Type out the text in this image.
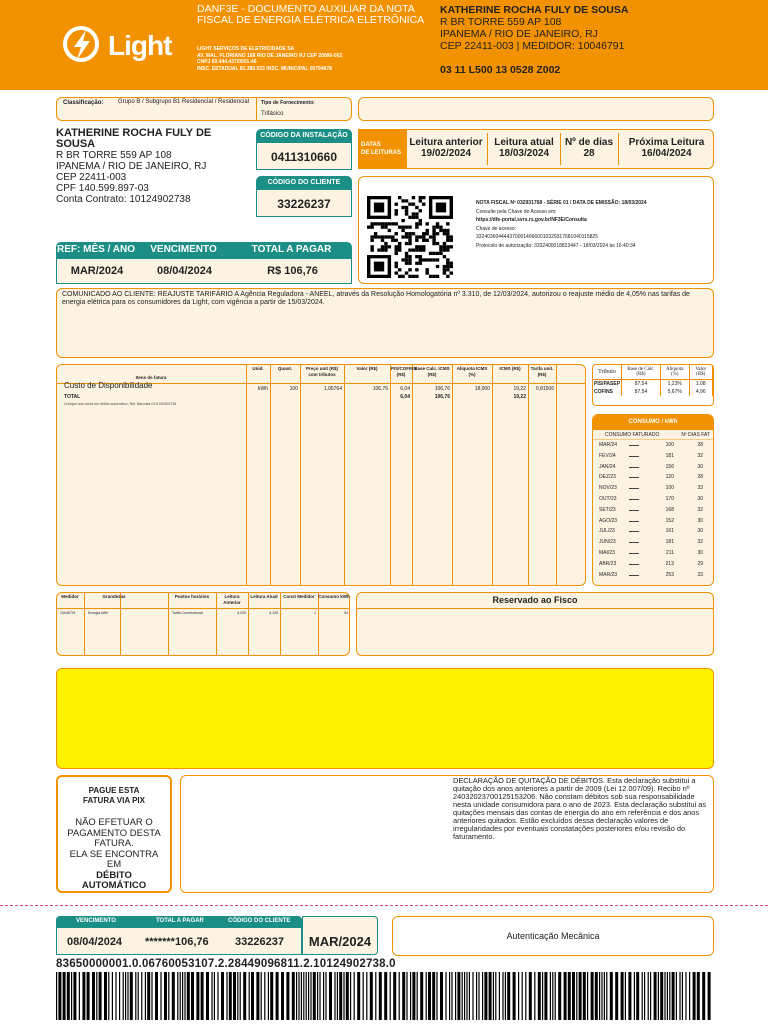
Light
DANF3E - DOCUMENTO AUXILIAR DA NOTA
FISCAL DE ENERGIA ELÉTRICA ELETRÔNICA
LIGHT SERVIÇOS DE ELETRICIDADE SA
AV. MAL. FLORIANO 168 RIO DE JANEIRO RJ CEP 20080-002
CNPJ 60.444.437/0001-46
INSC. ESTADUAL 81.380.023 INSC. MUNICIPAL 00794678
KATHERINE ROCHA FULY DE SOUSA
R BR TORRE 559 AP 108
IPANEMA / RIO DE JANEIRO, RJ
CEP 22411-003 | MEDIDOR: 10046791
03 11 L500 13 0528 Z002
Classificação: Grupo B / Subgrupo B1 Residencial / Residencial	Tipo de Fornecimento:
Trifásico
KATHERINE ROCHA FULY DE
SOUSA
R BR TORRE 559 AP 108
IPANEMA / RIO DE JANEIRO, RJ
CEP 22411-003
CPF 140.599.897-03
Conta Contrato: 10124902738
CÓDIGO DA INSTALAÇÃO
0411310660
CÓDIGO DO CLIENTE
33226237
DATAS
DE LEITURAS
Leitura anterior
19/02/2024
Leitura atual
18/03/2024
Nº de dias
28
Próxima Leitura
16/04/2024
NOTA FISCAL Nº 032931768 - SÉRIE 01 / DATA DE EMISSÃO: 18/03/2024
Consulte pela Chave de Acesso em:
https://dfe-portal.svrs.rs.gov.br/NF3E/Consulta
Chave de acesso:
33240360444437000146660010329317681040115825
Protocolo de autorização: 3332400018823447 - 18/03/2024 às 16:40:34
REF: MÊS / ANO	VENCIMENTO	TOTAL A PAGAR
MAR/2024	08/04/2024	R$ 106,76
COMUNICADO AO CLIENTE: REAJUSTE TARIFÁRIO A Agência Reguladora - ANEEL, através da Resolução Homologatória nº 3.310, de 12/03/2024, autorizou o reajuste médio de 4,05% nas tarifas de energia elétrica para os consumidores da Light, com vigência a partir de 15/03/2024.
Itens de fatura
Unid.	Quant.	Preço unit (R$) com tributos
Valor (R$)	PIS/COFINS (R$)
Base Calc. ICMS (R$)
Alíquota ICMS (%)
ICMS (R$)	Tarifa unit. (R$)
Custo de Disponibilidade	kWh	100	1,06764	106,76	6,04	106,76	18,000	19,22	0,81506
TOTAL	6,04	106,76	19,22
Conique aus conta em débito automático, Ref. Banciais Ot 8 024902738
Tributo	Base de Cálc. (R$)	Alíquota (%)	Valor (R$)
PIS/PASEP	87,54	1,23%	1,08
COFINS	87,54	5,67%	4,96
CONSUMO / kWh
CONSUMO FATURADO	Nº DIAS FAT
MAR/24	100	28
FEV/24	181	32
JAN/24	156	30
DEZ/23	120	28
NOV/23	100	33
OUT/23	170	30
SET/23	168	32
AGO/23	152	30
JUL/23	161	30
JUN/23	181	32
MAI/23	211	30
ABR/23	213	29
MAR/23	253	33
Medidor
10046791
Grandezas
Energia kWh
Postos horários
Tarifa Convencional
Leitura Anterior
5.029
Leitura Atual
5.129
Const Medidor
1
Consumo kWh
94
Reservado ao Fisco
PAGUE ESTA
FATURA VIA PIX
NÃO EFETUAR O
PAGAMENTO DESTA
FATURA.
ELA SE ENCONTRA
EM
DÉBITO
AUTOMÁTICO
DECLARAÇÃO DE QUITAÇÃO DE DÉBITOS. Esta declaração substitui a quitação dos anos anteriores a partir de 2009 (Lei 12.007/09). Recibo nº 240320237001251532​06. Não constam débitos sob sua responsabilidade nesta unidade consumidora para o ano de 2023. Esta declaração substitui as quitações mensais das contas de energia do ano em referência e dos anos anteriores quitados. Estão excluídos dessa declaração valores de irregularidades por eventuais constatações posteriores e/ou revisão do faturamento.
VENCIMENTO	TOTAL A PAGAR	CÓDIGO DO CLIENTE
08/04/2024 *******106,76 33226237	MAR/2024	Autenticação Mecânica
83650000001.0.06760053107.2.28449096811.2.10124902738.0
